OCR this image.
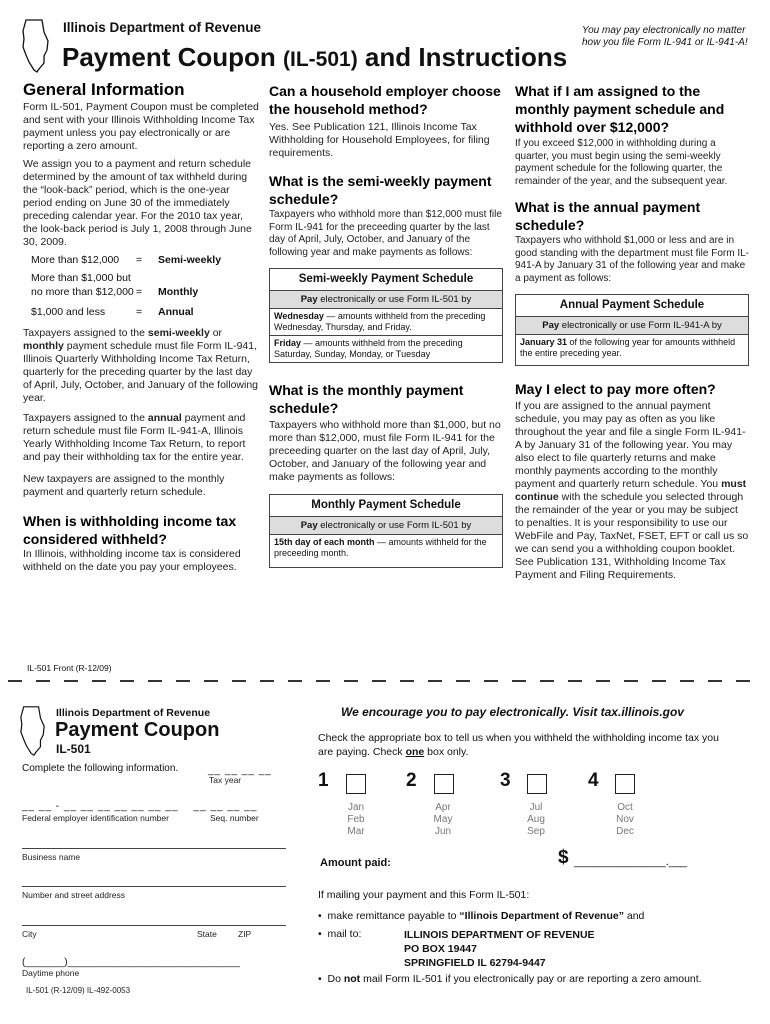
Illinois Department of Revenue
Payment Coupon (IL-501) and Instructions
You may pay electronically no matter how you file Form IL-941 or IL-941-A!
General Information
Form IL-501, Payment Coupon must be completed and sent with your Illinois Withholding Income Tax payment unless you pay electronically or are reporting a zero amount.
We assign you to a payment and return schedule determined by the amount of tax withheld during the “look-back” period, which is the one-year period ending on June 30 of the immediately preceding calendar year. For the 2010 tax year, the look-back period is July 1, 2008 through June 30, 2009.
More than $12,000	=	Semi-weekly
More than $1,000 but
no more than $12,000 =	Monthly
$1,000 and less	=	Annual
Taxpayers assigned to the semi-weekly or monthly payment schedule must file Form IL-941, Illinois Quarterly Withholding Income Tax Return, quarterly for the preceding quarter by the last day of April, July, October, and January of the following year.
Taxpayers assigned to the annual payment and return schedule must file Form IL-941-A, Illinois Yearly Withholding Income Tax Return, to report and pay their withholding tax for the entire year.
New taxpayers are assigned to the monthly payment and quarterly return schedule.
When is withholding income tax considered withheld?
In Illinois, withholding income tax is considered withheld on the date you pay your employees.
Can a household employer choose the household method?
Yes. See Publication 121, Illinois Income Tax Withholding for Household Employees, for filing requirements.
What is the semi-weekly payment schedule?
Taxpayers who withhold more than $12,000 must file Form IL-941 for the preceeding quarter by the last day of April, July, October, and January of the following year and make payments as follows:
Semi-weekly Payment Schedule
Pay electronically or use Form IL-501 by
Wednesday — amounts withheld from the preceding Wednesday, Thursday, and Friday.
Friday — amounts withheld from the preceding Saturday, Sunday, Monday, or Tuesday
What is the monthly payment schedule?
Taxpayers who withhold more than $1,000, but no more than $12,000, must file Form IL-941 for the preceeding quarter on the last day of April, July, October, and January of the following year and make payments as follows:
Monthly Payment Schedule
Pay electronically or use Form IL-501 by
15th day of each month — amounts withheld for the preceeding month.
What if I am assigned to the monthly payment schedule and withhold over $12,000?
If you exceed $12,000 in withholding during a quarter, you must begin using the semi-weekly payment schedule for the following quarter, the remainder of the year, and the subsequent year.
What is the annual payment schedule?
Taxpayers who withhold $1,000 or less and are in good standing with the department must file Form IL-941-A by January 31 of the following year and make a payment as follows:
Annual Payment Schedule
Pay electronically or use Form IL-941-A by
January 31 of the following year for amounts withheld the entire preceding year.
May I elect to pay more often?
If you are assigned to the annual payment schedule, you may pay as often as you like throughout the year and file a single Form IL-941-A by January 31 of the following year. You may also elect to file quarterly returns and make monthly payments according to the monthly payment and quarterly return schedule. You must continue with the schedule you selected through the remainder of the year or you may be subject to penalties. It is your responsibility to use our WebFile and Pay, TaxNet, FSET, EFT or call us so we can send you a withholding coupon booklet. See Publication 131, Withholding Income Tax Payment and Filing Requirements.
IL-501 Front (R-12/09)
Illinois Department of Revenue
Payment Coupon
IL-501
Complete the following information.	__ __ __ __
Tax year
__ __ - __ __ __ __ __ __ __    __ __ __ __
Federal employer identification number	Seq. number
Business name
Number and street address
City	State ZIP
(_______)_______________________________
Daytime phone
IL-501 (R-12/09) IL-492-0053
We encourage you to pay electronically. Visit tax.illinois.gov
Check the appropriate box to tell us when you withheld the withholding income tax you are paying. Check one box only.
1
Jan
Feb
Mar
2
Apr
May
Jun
3
Jul
Aug
Sep
4
Oct
Nov
Dec
Amount paid:	$ _______________.___
If mailing your payment and this Form IL-501:
•  make remittance payable to “Illinois Department of Revenue” and
•  mail to:	ILLINOIS DEPARTMENT OF REVENUE
PO BOX 19447
SPRINGFIELD IL 62794-9447
•  Do not mail Form IL-501 if you electronically pay or are reporting a zero amount.
